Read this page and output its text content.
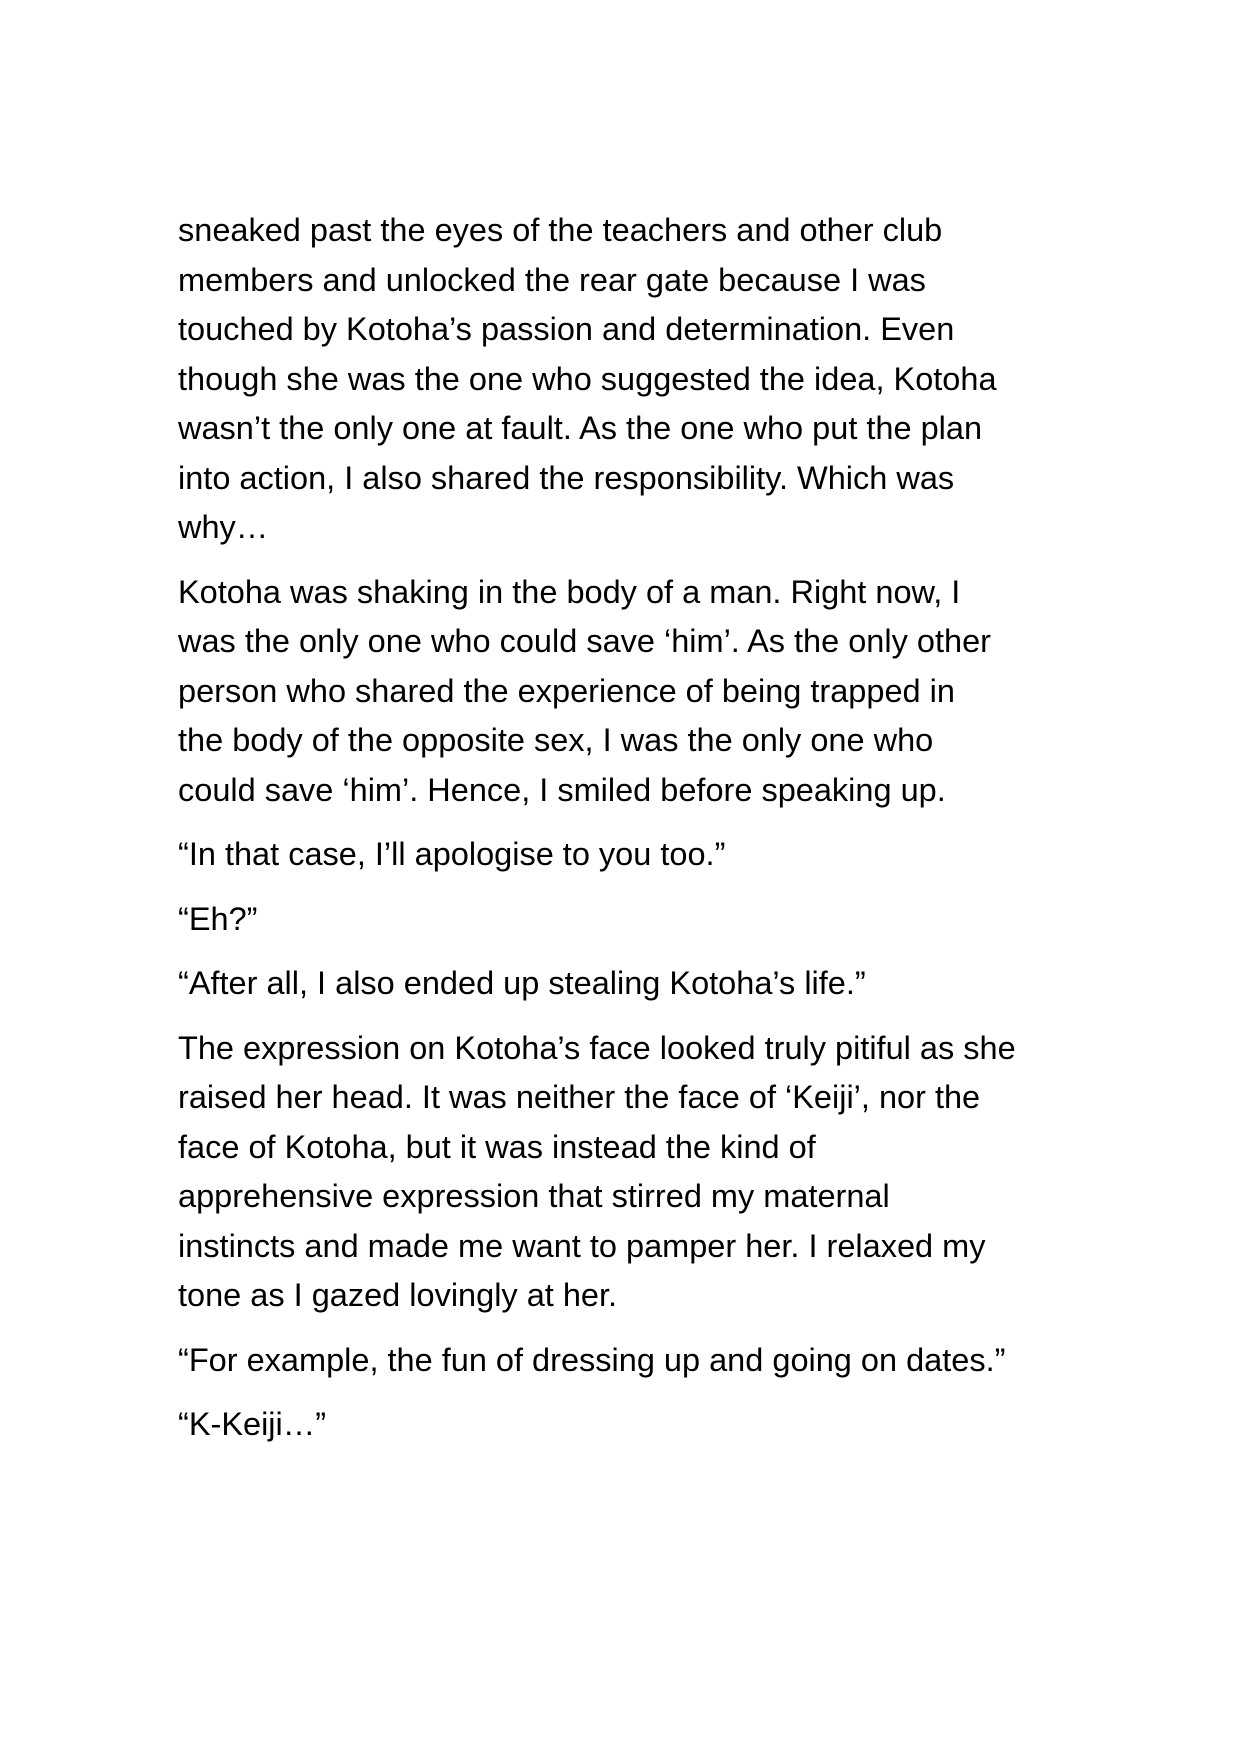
sneaked past the eyes of the teachers and other club
members and unlocked the rear gate because I was
touched by Kotoha’s passion and determination. Even
though she was the one who suggested the idea, Kotoha
wasn’t the only one at fault. As the one who put the plan
into action, I also shared the responsibility. Which was
why…

Kotoha was shaking in the body of a man. Right now, I
was the only one who could save ‘him’. As the only other
person who shared the experience of being trapped in
the body of the opposite sex, I was the only one who
could save ‘him’. Hence, I smiled before speaking up.

“In that case, I’ll apologise to you too.”

“Eh?”

“After all, I also ended up stealing Kotoha’s life.”

The expression on Kotoha’s face looked truly pitiful as she
raised her head. It was neither the face of ‘Keiji’, nor the
face of Kotoha, but it was instead the kind of
apprehensive expression that stirred my maternal
instincts and made me want to pamper her. I relaxed my
tone as I gazed lovingly at her.

“For example, the fun of dressing up and going on dates.”

“K-Keiji…”
